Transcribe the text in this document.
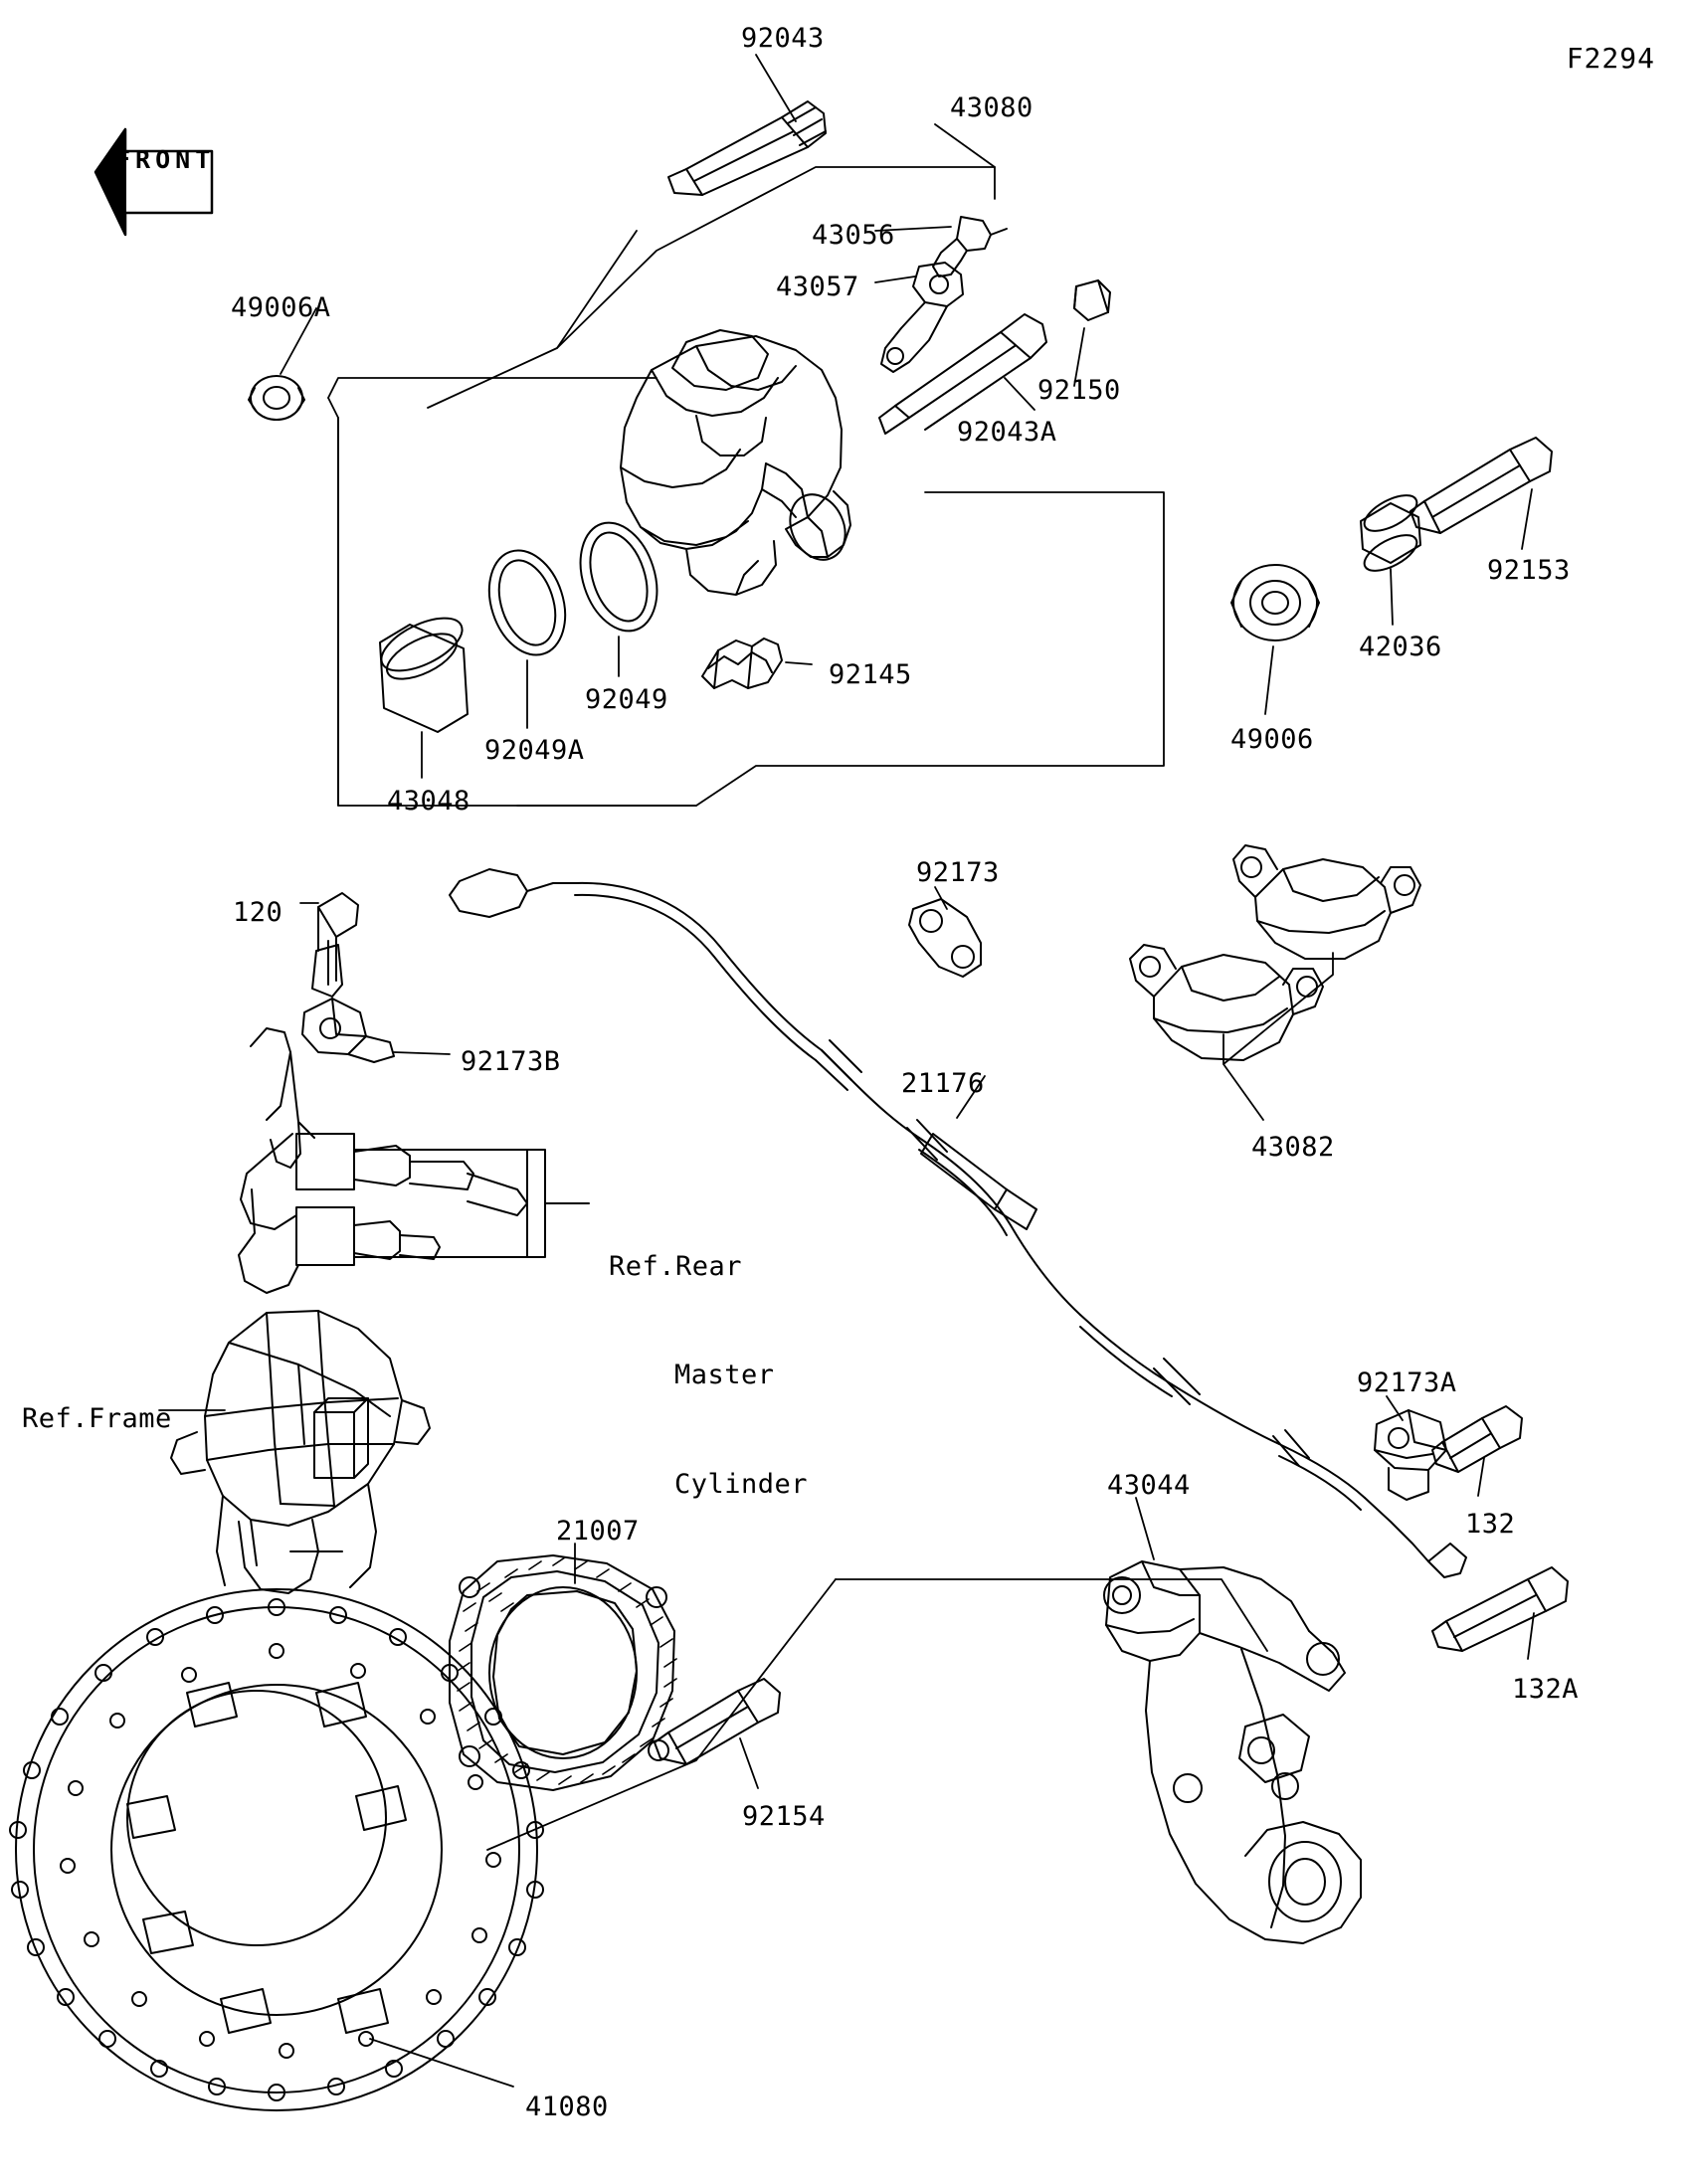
F2294
FRONT
92043
43080
43056
43057
92150
92043A
49006A
92153
42036
49006
92145
92049
92049A
43048
92173
43082
21176
120
92173B
92173A
132
132A
43044
21007
92154
41080
Ref.Frame

Ref.Rear

Master

Cylinder
